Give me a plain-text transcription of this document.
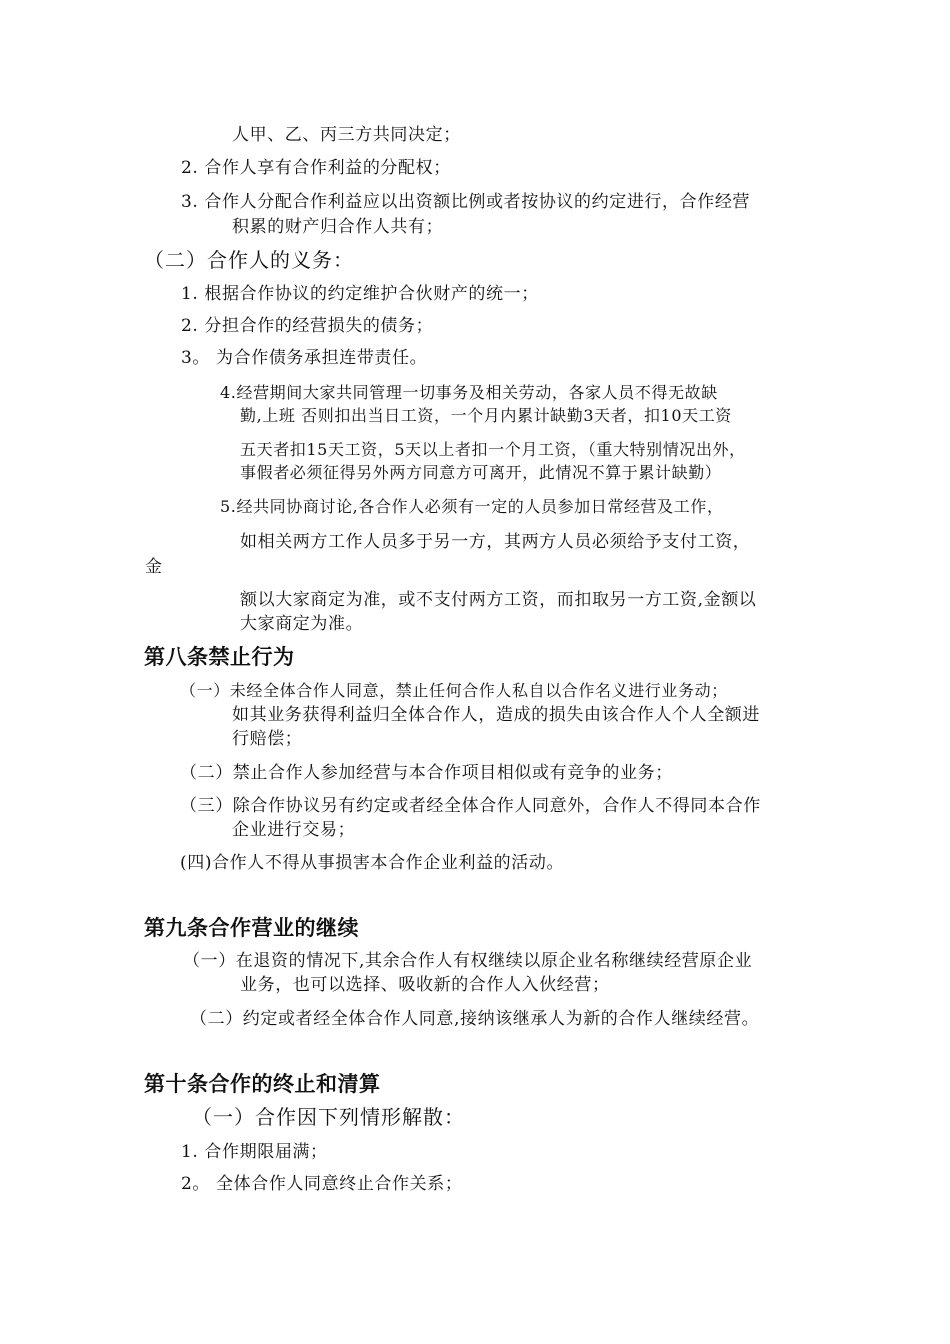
人甲、乙、丙三方共同决定；
2. 合作人享有合作利益的分配权；
3. 合作人分配合作利益应以出资额比例或者按协议的约定进行，合作经营
积累的财产归合作人共有；
（二）合作人的义务：
1. 根据合作协议的约定维护合伙财产的统一；
2. 分担合作的经营损失的债务；
3。 为合作债务承担连带责任。
4.经营期间大家共同管理一切事务及相关劳动，各家人员不得无故缺
勤,上班 否则扣出当日工资，一个月内累计缺勤3天者，扣10天工资
五天者扣15天工资，5天以上者扣一个月工资，（重大特别情况出外，
事假者必须征得另外两方同意方可离开，此情况不算于累计缺勤）
5.经共同协商讨论,各合作人必须有一定的人员参加日常经营及工作，
如相关两方工作人员多于另一方，其两方人员必须给予支付工资，
金
额以大家商定为准，或不支付两方工资，而扣取另一方工资,金额以
大家商定为准。
第八条禁止行为
（一）未经全体合作人同意，禁止任何合作人私自以合作名义进行业务动；
如其业务获得利益归全体合作人，造成的损失由该合作人个人全额进
行赔偿；
（二）禁止合作人参加经营与本合作项目相似或有竞争的业务；
（三）除合作协议另有约定或者经全体合作人同意外，合作人不得同本合作
企业进行交易；
(四)合作人不得从事损害本合作企业利益的活动。
第九条合作营业的继续
（一）在退资的情况下,其余合作人有权继续以原企业名称继续经营原企业
业务，也可以选择、吸收新的合作人入伙经营；
（二）约定或者经全体合作人同意,接纳该继承人为新的合作人继续经营。
第十条合作的终止和清算
（一）合作因下列情形解散：
1. 合作期限届满；
2。 全体合作人同意终止合作关系；
